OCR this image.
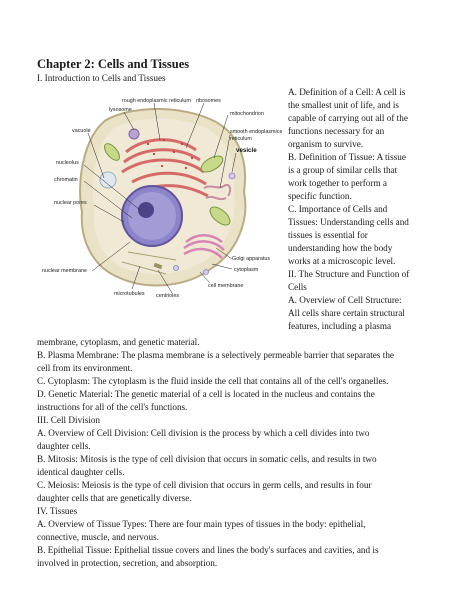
Chapter 2: Cells and Tissues
I. Introduction to Cells and Tissues
rough endoplasmic reticulum ribosomes
lysosome
mitochondrion
vacuole	smooth endoplasmice
reticulum
vesicle
nucleolus
chromatin
nuclear pores
Golgi apparatus
nuclear membrane	cytoplasm
cell membrane
microtubules centrioles
A. Definition of a Cell: A cell is
the smallest unit of life, and is
capable of carrying out all of the
functions necessary for an
organism to survive.
B. Definition of Tissue: A tissue
is a group of similar cells that
work together to perform a
specific function.
C. Importance of Cells and
Tissues: Understanding cells and
tissues is essential for
understanding how the body
works at a microscopic level.
II. The Structure and Function of
Cells
A. Overview of Cell Structure:
All cells share certain structural
features, including a plasma
membrane, cytoplasm, and genetic material.
B. Plasma Membrane: The plasma membrane is a selectively permeable barrier that separates the
cell from its environment.
C. Cytoplasm: The cytoplasm is the fluid inside the cell that contains all of the cell's organelles.
D. Genetic Material: The genetic material of a cell is located in the nucleus and contains the
instructions for all of the cell's functions.
III. Cell Division
A. Overview of Cell Division: Cell division is the process by which a cell divides into two
daughter cells.
B. Mitosis: Mitosis is the type of cell division that occurs in somatic cells, and results in two
identical daughter cells.
C. Meiosis: Meiosis is the type of cell division that occurs in germ cells, and results in four
daughter cells that are genetically diverse.
IV. Tissues
A. Overview of Tissue Types: There are four main types of tissues in the body: epithelial,
connective, muscle, and nervous.
B. Epithelial Tissue: Epithelial tissue covers and lines the body's surfaces and cavities, and is
involved in protection, secretion, and absorption.
